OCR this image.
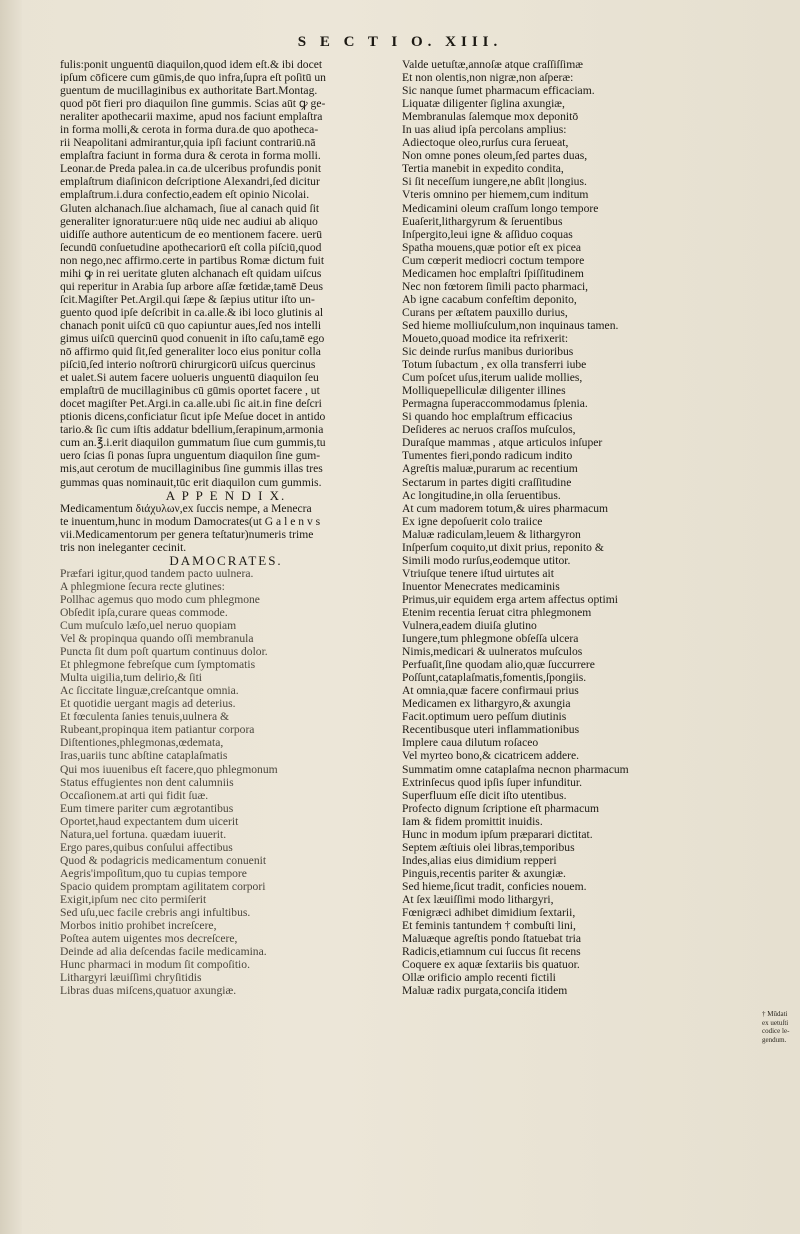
S E C T I O. XIII.
fulis:ponit unguentū diaquilon,quod idem eſt.& ibi docet
ipſum cōficere cum gūmis,de quo infra,ſupra eſt poſitū un
guentum de mucillaginibus ex authoritate Bart.Montag.
quod pōt fieri pro diaquilon ſine gummis. Scias aūt ꝙ ge-
neraliter apothecarii maxime, apud nos faciunt emplaſtra
in forma molli,& cerota in forma dura.de quo apotheca-
rii Neapolitani admirantur,quia ipſi faciunt contrariū.nā
emplaſtra faciunt in forma dura & cerota in forma molli.
Leonar.de Preda palea.in ca.de ulceribus profundis ponit
emplaſtrum diaſinicon deſcriptione Alexandri,ſed dicitur
emplaſtrum.i.dura confectio,eadem eſt opinio Nicolai.
Gluten alchanach.ſiue alchamach, ſiue al canach quid ſit
generaliter ignoratur:uere nūq uide nec audiui ab aliquo
uidiſſe authore autenticum de eo mentionem facere. uerū
ſecundū conſuetudine apothecariorū eſt colla piſciū,quod
non nego,nec affirmo.certe in partibus Romæ dictum fuit
mihi ꝙ in rei ueritate gluten alchanach eſt quidam uiſcus
qui reperitur in Arabia ſup arbore aſſæ fœtidæ,tamē Deus
ſcit.Magiſter Pet.Argil.qui ſæpe & ſæpius utitur iſto un-
guento quod ipſe deſcribit in ca.alle.& ibi loco glutinis al
chanach ponit uiſcū cū quo capiuntur aues,ſed nos intelli
gimus uiſcū quercinū quod conuenit in iſto caſu,tamē ego
nō affirmo quid ſit,ſed generaliter loco eius ponitur colla
piſciū,ſed interio noſtrorū chirurgicorū uiſcus quercinus
et ualet.Si autem facere uolueris unguentū diaquilon ſeu
emplaſtrū de mucillaginibus cū gūmis oportet facere , ut
docet magiſter Pet.Argi.in ca.alle.ubi ſic ait.in fine deſcri
ptionis dicens,conficiatur ſicut ipſe Meſue docet in antido
tario.& ſic cum iſtis addatur bdellium,ſerapinum,armonia
cum an.℥.i.erit diaquilon gummatum ſiue cum gummis,tu
uero ſcias ſi ponas ſupra unguentum diaquilon ſine gum-
mis,aut cerotum de mucillaginibus ſine gummis illas tres
gummas quas nominauit,tūc erit diaquilon cum gummis.
A P P E N D I X.
Medicamentum διάχυλων,ex ſuccis nempe, a Menecra
te inuentum,hunc in modum Damocrates(ut G a l e n v s
vii.Medicamentorum per genera teſtatur)numeris trime
tris non ineleganter cecinit.
DAMOCRATES.
Præfari igitur,quod tandem pacto uulnera.
A phlegmione ſecura recte glutines:
Pollhac agemus quo modo cum phlegmone
Obſedit ipſa,curare queas commode.
Cum muſculo læſo,uel neruo quopiam
Vel & propinqua quando oſſi membranula
Puncta ſit dum poſt quartum continuus dolor.
Et phlegmone febreſque cum ſymptomatis
Multa uigilia,tum delirio,& ſiti
Ac ſiccitate linguæ,creſcantque omnia.
Et quotidie uergant magis ad deterius.
Et fœculenta ſanies tenuis,uulnera &
Rubeant,propinqua item patiantur corpora
Diſtentiones,phlegmonas,œdemata,
Iras,uariis tunc abſtine cataplaſmatis
Qui mos iuuenibus eſt facere,quo phlegmonum
Status effugientes non dent calumniis
Occaſionem.at arti qui fidit ſuæ.
Eum timere pariter cum ægrotantibus
Oportet,haud expectantem dum uicerit
Natura,uel fortuna. quædam iuuerit.
Ergo pares,quibus conſului affectibus
Quod & podagricis medicamentum conuenit
Aegris'impoſitum,quo tu cupias tempore
Spacio quidem promptam agilitatem corpori
Exigit,ipſum nec cito permiſerit
Sed uſu,uec facile crebris angi infultibus.
Morbos initio prohibet increſcere,
Poſtea autem uigentes mos decreſcere,
Deinde ad alia deſcendas facile medicamina.
Hunc pharmaci in modum ſit compoſitio.
Lithargyri læuiſſimi chryſitidis
Libras duas miſcens,quatuor axungiæ.
Valde uetuſtæ,annoſæ atque craſſiſſimæ
Et non olentis,non nigræ,non aſperæ:
Sic nanque ſumet pharmacum efficaciam.
Liquatæ diligenter ſiglina axungiæ,
Membranulas ſalemque mox deponitō
In uas aliud ipſa percolans amplius:
Adiectoque oleo,rurſus cura ſerueat,
Non omne pones oleum,ſed partes duas,
Tertia manebit in expedito condita,
Si ſit neceſſum iungere,ne abſit |longius.
Vteris omnino per hiemem,cum inditum
Medicamini oleum craſſum longo tempore
Euaſerit,lithargyrum & ſeruentibus
Inſpergito,leui igne & aſſiduo coquas
Spatha mouens,quæ potior eſt ex picea
Cum cœperit mediocri coctum tempore
Medicamen hoc emplaſtri ſpiſſitudinem
Nec non fœtorem ſimili pacto pharmaci,
Ab igne cacabum confeſtim deponito,
Curans per æſtatem pauxillo durius,
Sed hieme molliuſculum,non inquinaus tamen.
Moueto,quoad modice ita refrixerit:
Sic deinde rurſus manibus durioribus
Totum ſubactum , ex olla transferri iube
Cum poſcet uſus,iterum ualide mollies,
Molliquepelliculæ diligenter illines
Permagna ſuperaccommodamus ſplenia.
Si quando hoc emplaſtrum efficacius
Deſideres ac neruos craſſos muſculos,
Duraſque mammas , atque articulos inſuper
Tumentes fieri,pondo radicum indito
Agreſtis maluæ,purarum ac recentium
Sectarum in partes digiti craſſitudine
Ac longitudine,in olla ſeruentibus.
At cum madorem totum,& uires pharmacum
Ex igne depoſuerit colo traiice
Maluæ radiculam,leuem & lithargyron
Inſperſum coquito,ut dixit prius, reponito &
Simili modo rurſus,eodemque utitor.
Vtriuſque tenere iſtud uirtutes ait
Inuentor Menecrates medicaminis
Primus,uir equidem erga artem affectus optimi
Etenim recentia ſeruat citra phlegmonem
Vulnera,eadem diuiſa glutino
Iungere,tum phlegmone obſeſſa ulcera
Nimis,medicari & uulneratos muſculos
Perfuaſit,ſine quodam alio,quæ ſuccurrere
Poſſunt,cataplaſmatis,fomentis,ſpongiis.
At omnia,quæ facere confirmaui prius
Medicamen ex lithargyro,& axungia
Facit.optimum uero peſſum diutinis
Recentibusque uteri inflammationibus
Implere caua dilutum roſaceo
Vel myrteo bono,& cicatricem addere.
Summatim omne cataplaſma necnon pharmacum
Extrinſecus quod ipſis ſuper infunditur.
Superfluum eſſe dicit iſto utentibus.
Profecto dignum ſcriptione eſt pharmacum
Iam & fidem promittit inuidis.
Hunc in modum ipſum præparari dictitat.
Septem æſtiuis olei libras,temporibus
Indes,alias eius dimidium repperi
Pinguis,recentis pariter & axungiæ.
Sed hieme,ſicut tradit, conficies nouem.
At ſex læuiſſimi modo lithargyri,
Fœnigræci adhibet dimidium ſextarii,
Et feminis tantundem † combuſti lini,
Maluæque agreſtis pondo ſtatuebat tria
Radicis,etiamnum cui ſuccus ſit recens
Coquere ex aquæ ſextariis bis quatuor.
Ollæ orificio amplo recenti fictili
Maluæ radix purgata,conciſa itidem
† Mūdati
ex uetuſti
codice le-
gendum.
